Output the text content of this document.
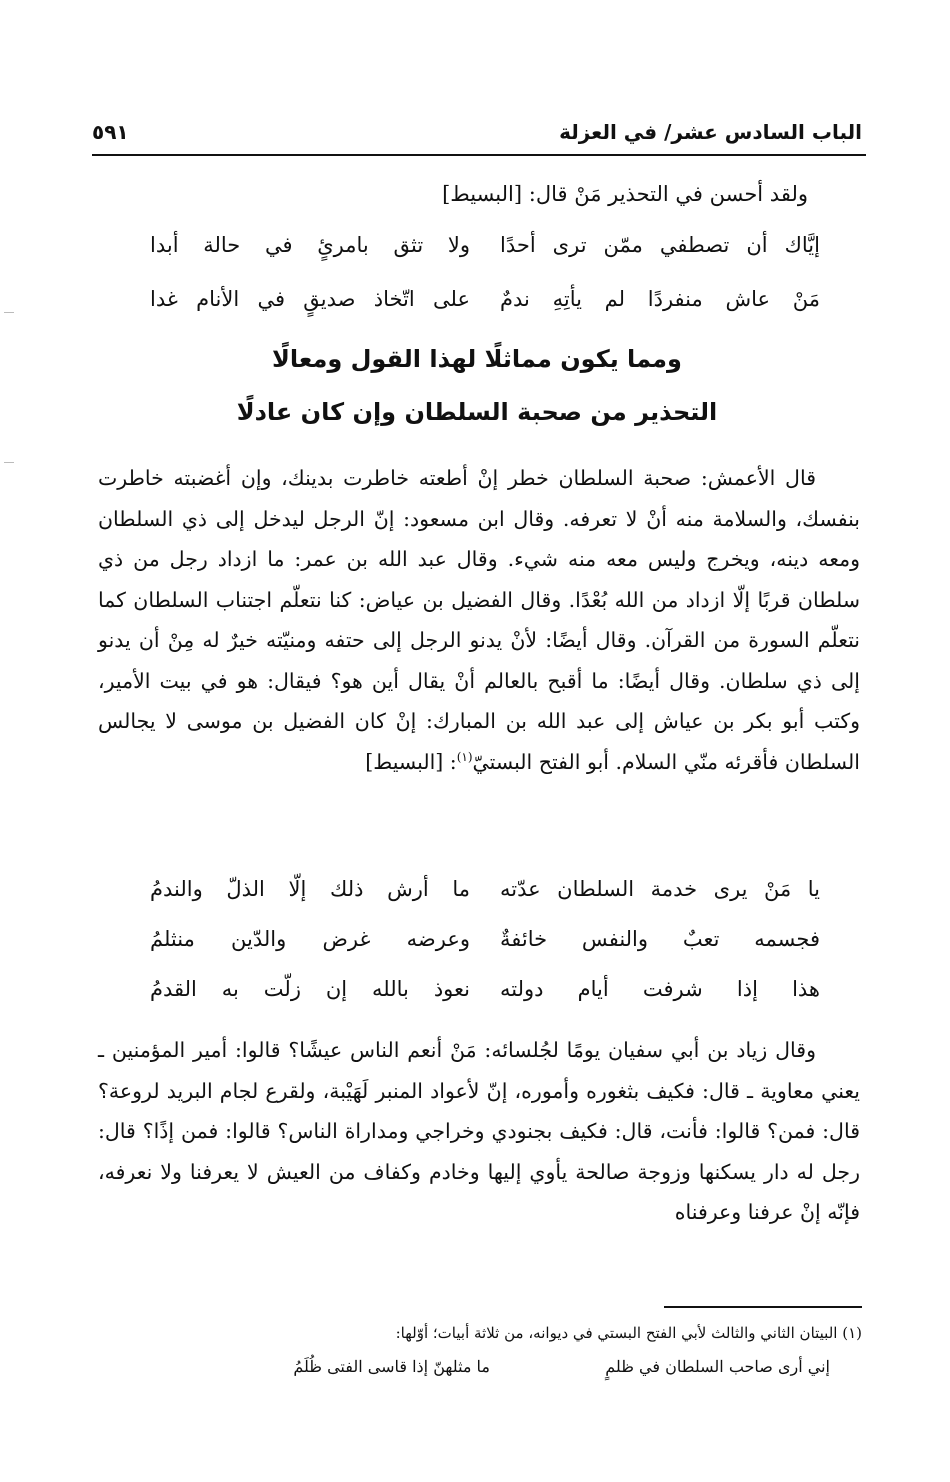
الباب السادس عشر/ في العزلة
٥٩١
ولقد أحسن في التحذير مَنْ قال: [البسيط]
إيَّاك أن تصطفي ممّن ترى أحدًا
ولا تثق بامرئٍ في حالة أبدا
مَنْ عاش منفردًا لم يأتِهِ ندمٌ
على اتّخاذ صديقٍ في الأنام غدا
ومما يكون مماثلًا لهذا القول ومعالًا
التحذير من صحبة السلطان وإن كان عادلًا

قال الأعمش: صحبة السلطان خطر إنْ أطعته خاطرت بدينك، وإن أغضبته خاطرت بنفسك، والسلامة منه أنْ لا تعرفه. وقال ابن مسعود: إنّ الرجل ليدخل إلى ذي السلطان ومعه دينه، ويخرج وليس معه منه شيء. وقال عبد الله بن عمر: ما ازداد رجل من ذي سلطان قربًا إلّا ازداد من الله بُعْدًا. وقال الفضيل بن عياض: كنا نتعلّم اجتناب السلطان كما نتعلّم السورة من القرآن. وقال أيضًا: لأنْ يدنو الرجل إلى حتفه ومنيّته خيرٌ له مِنْ أن يدنو إلى ذي سلطان. وقال أيضًا: ما أقبح بالعالم أنْ يقال أين هو؟ فيقال: هو في بيت الأمير، وكتب أبو بكر بن عياش إلى عبد الله بن المبارك: إنْ كان الفضيل بن موسى لا يجالس السلطان فأقرئه منّي السلام. أبو الفتح البستيّ$^{(١)}$: [البسيط]

يا مَنْ يرى خدمة السلطان عدّته
ما أرش ذلك إلّا الذلّ والندمُ
فجسمه تعبٌ والنفس خائفةٌ
وعرضه غرض والدّين منثلمُ
هذا إذا شرفت أيام دولته
نعوذ بالله إن زلّت به القدمُ

وقال زياد بن أبي سفيان يومًا لجُلسائه: مَنْ أنعم الناس عيشًا؟ قالوا: أمير المؤمنين ـ يعني معاوية ـ قال: فكيف بثغوره وأموره، إنّ لأعواد المنبر لَهَيْبة، ولقرع لجام البريد لروعة؟ قال: فمن؟ قالوا: فأنت، قال: فكيف بجنودي وخراجي ومداراة الناس؟ قالوا: فمن إذًا؟ قال: رجل له دار يسكنها وزوجة صالحة يأوي إليها وخادم وكفاف من العيش لا يعرفنا ولا نعرفه، فإنّه إنْ عرفنا وعرفناه

(١) البيتان الثاني والثالث لأبي الفتح البستي في ديوانه، من ثلاثة أبيات؛ أوّلها:
إني أرى صاحب السلطان في ظلمٍ
ما مثلهنّ إذا قاسى الفتى ظُلَمُ
